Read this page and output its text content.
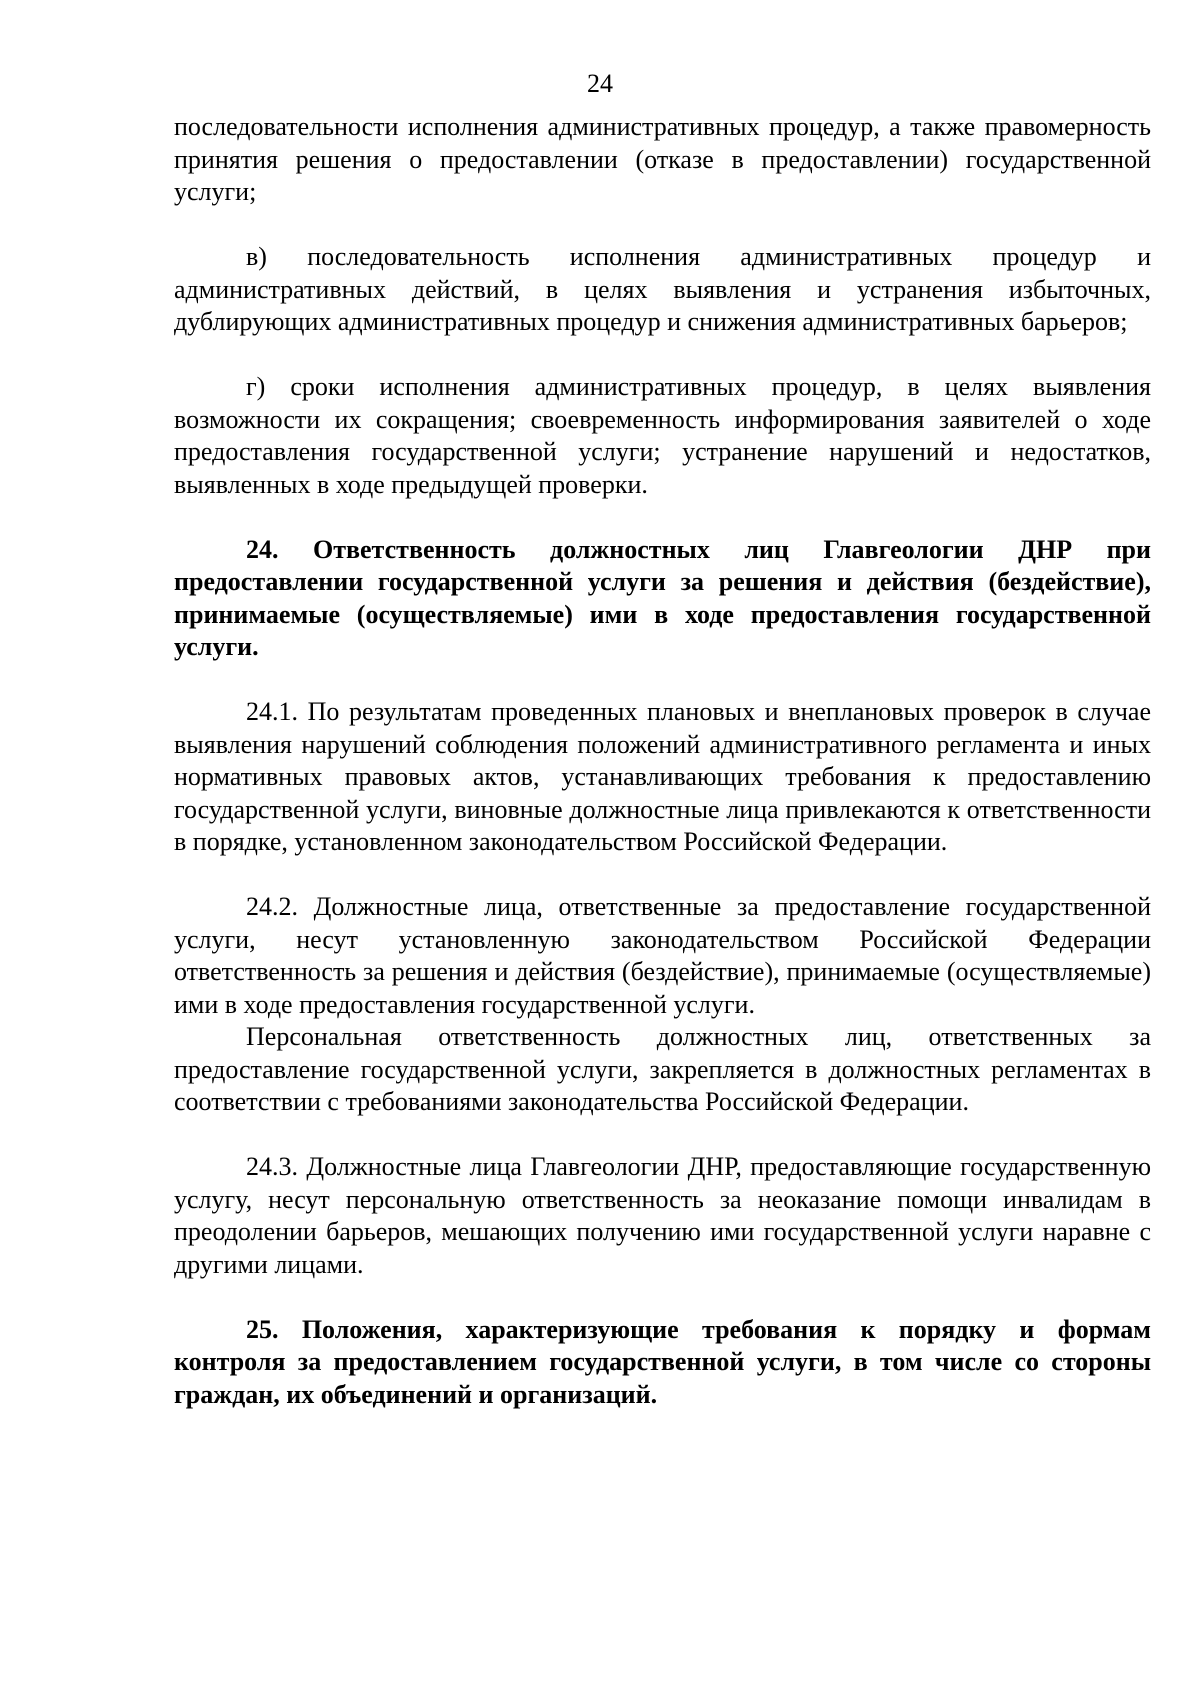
24

последовательности исполнения административных процедур, а также правомерность принятия решения о предоставлении (отказе в предоставлении) государственной услуги;

в) последовательность исполнения административных процедур и административных действий, в целях выявления и устранения избыточных, дублирующих административных процедур и снижения административных барьеров;

г) сроки исполнения административных процедур, в целях выявления возможности их сокращения; своевременность информирования заявителей о ходе предоставления государственной услуги; устранение нарушений и недостатков, выявленных в ходе предыдущей проверки.

24. Ответственность должностных лиц Главгеологии ДНР при предоставлении государственной услуги за решения и действия (бездействие), принимаемые (осуществляемые) ими в ходе предоставления государственной услуги.

24.1. По результатам проведенных плановых и внеплановых проверок в случае выявления нарушений соблюдения положений административного регламента и иных нормативных правовых актов, устанавливающих требования к предоставлению государственной услуги, виновные должностные лица привлекаются к ответственности в порядке, установленном законодательством Российской Федерации.

24.2. Должностные лица, ответственные за предоставление государственной услуги, несут установленную законодательством Российской Федерации ответственность за решения и действия (бездействие), принимаемые (осуществляемые) ими в ходе предоставления государственной услуги.

Персональная ответственность должностных лиц, ответственных за предоставление государственной услуги, закрепляется в должностных регламентах в соответствии с требованиями законодательства Российской Федерации.

24.3. Должностные лица Главгеологии ДНР, предоставляющие государственную услугу, несут персональную ответственность за неоказание помощи инвалидам в преодолении барьеров, мешающих получению ими государственной услуги наравне с другими лицами.

25. Положения, характеризующие требования к порядку и формам контроля за предоставлением государственной услуги, в том числе со стороны граждан, их объединений и организаций.
